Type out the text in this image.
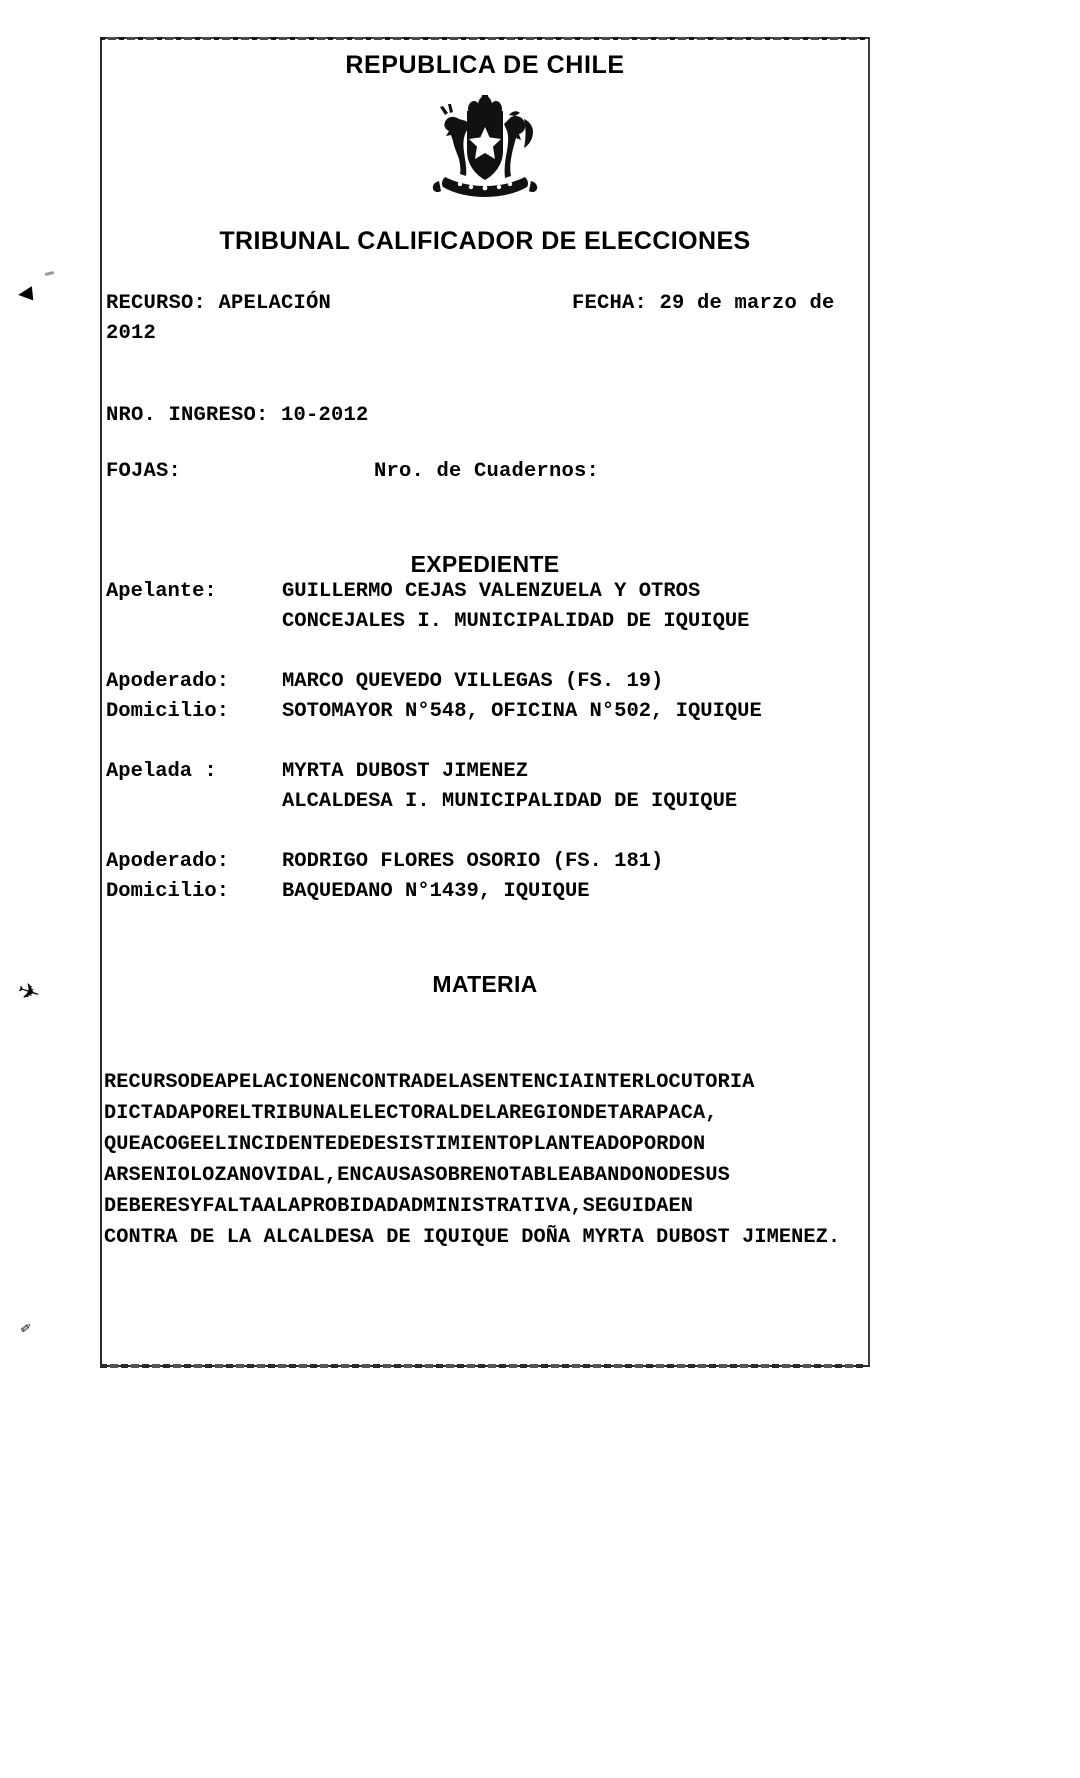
◀
✈
✐
REPUBLICA DE CHILE
TRIBUNAL CALIFICADOR DE ELECCIONES
RECURSO: APELACIÓN	FECHA: 29 de marzo de
2012
NRO. INGRESO: 10-2012
FOJAS:	Nro. de Cuadernos:
EXPEDIENTE
Apelante:	GUILLERMO CEJAS VALENZUELA Y OTROS
CONCEJALES I. MUNICIPALIDAD DE IQUIQUE
Apoderado:	MARCO QUEVEDO VILLEGAS (FS. 19)
Domicilio:	SOTOMAYOR N°548, OFICINA N°502, IQUIQUE
Apelada :	MYRTA DUBOST JIMENEZ
ALCALDESA I. MUNICIPALIDAD DE IQUIQUE
Apoderado:	RODRIGO FLORES OSORIO (FS. 181)
Domicilio:	BAQUEDANO N°1439, IQUIQUE
MATERIA
RECURSODEAPELACIONENCONTRADELASENTENCIAINTERLOCUTORIA
DICTADAPORELTRIBUNALELECTORALDELAREGIONDETARAPACA,
QUEACOGEELINCIDENTEDEDESISTIMIENTOPLANTEADOPORDON
ARSENIOLOZANOVIDAL,ENCAUSASOBRENOTABLEABANDONODESUS
DEBERESYFALTAALAPROBIDADADMINISTRATIVA,SEGUIDAEN
CONTRA DE LA ALCALDESA DE IQUIQUE DOÑA MYRTA DUBOST JIMENEZ.
